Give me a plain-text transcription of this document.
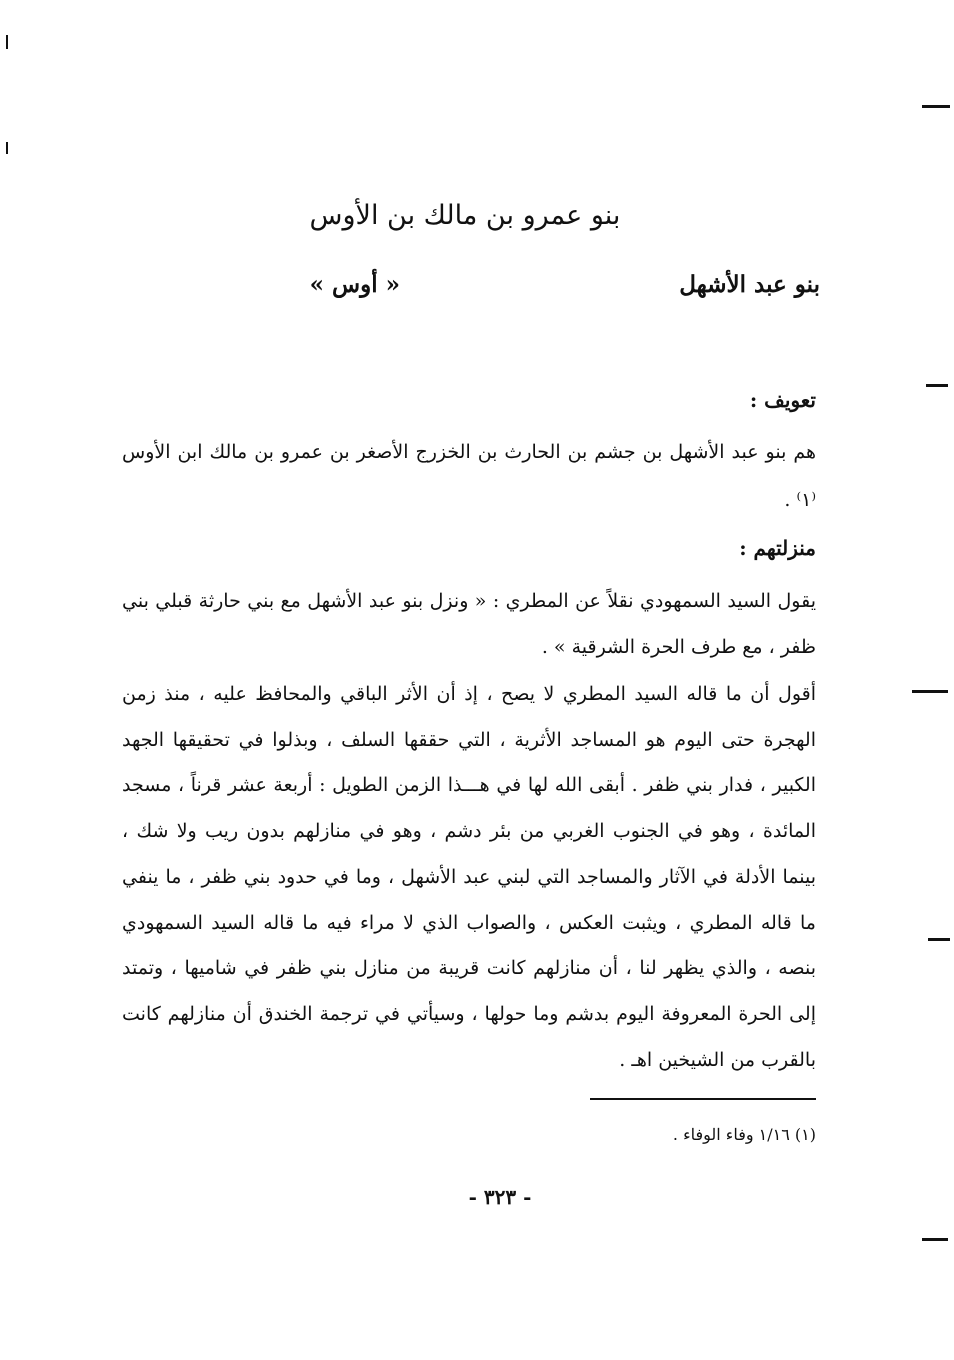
بنو عمرو بن مالك بن الأوس
بنو عبد الأشهل
« أوس »
تعويف :
هم بنو عبد الأشهل بن جشم بن الحارث بن الخزرج الأصغر بن عمرو بن مالك ابن الأوس ⁽١⁾ .
منزلتهم :
يقول السيد السمهودي نقلاً عن المطري : « ونزل بنو عبد الأشهل مع بني حارثة قبلي بني ظفر ، مع طرف الحرة الشرقية » .
أقول أن ما قاله السيد المطري لا يصح ، إذ أن الأثر الباقي والمحافظ عليه ، منذ زمن الهجرة حتى اليوم هو المساجد الأثرية ، التي حققها السلف ، وبذلوا في تحقيقها الجهد الكبير ، فدار بني ظفر . أبقى الله لها في هـــذا الزمن الطويل : أربعة عشر قرناً ، مسجد المائدة ، وهو في الجنوب الغربي من بئر دشم ، وهو في منازلهم بدون ريب ولا شك ، بينما الأدلة في الآثار والمساجد التي لبني عبد الأشهل ، وما في حدود بني ظفر ، ما ينفي ما قاله المطري ، ويثبت العكس ، والصواب الذي لا مراء فيه ما قاله السيد السمهودي بنصه ، والذي يظهر لنا ، أن منازلهم كانت قريبة من منازل بني ظفر في شاميها ، وتمتد إلى الحرة المعروفة اليوم بدشم وما حولها ، وسيأتي في ترجمة الخندق أن منازلهم كانت بالقرب من الشيخين اهـ .
(١) ١/١٦ وفاء الوفاء .
- ٣٢٣ -
